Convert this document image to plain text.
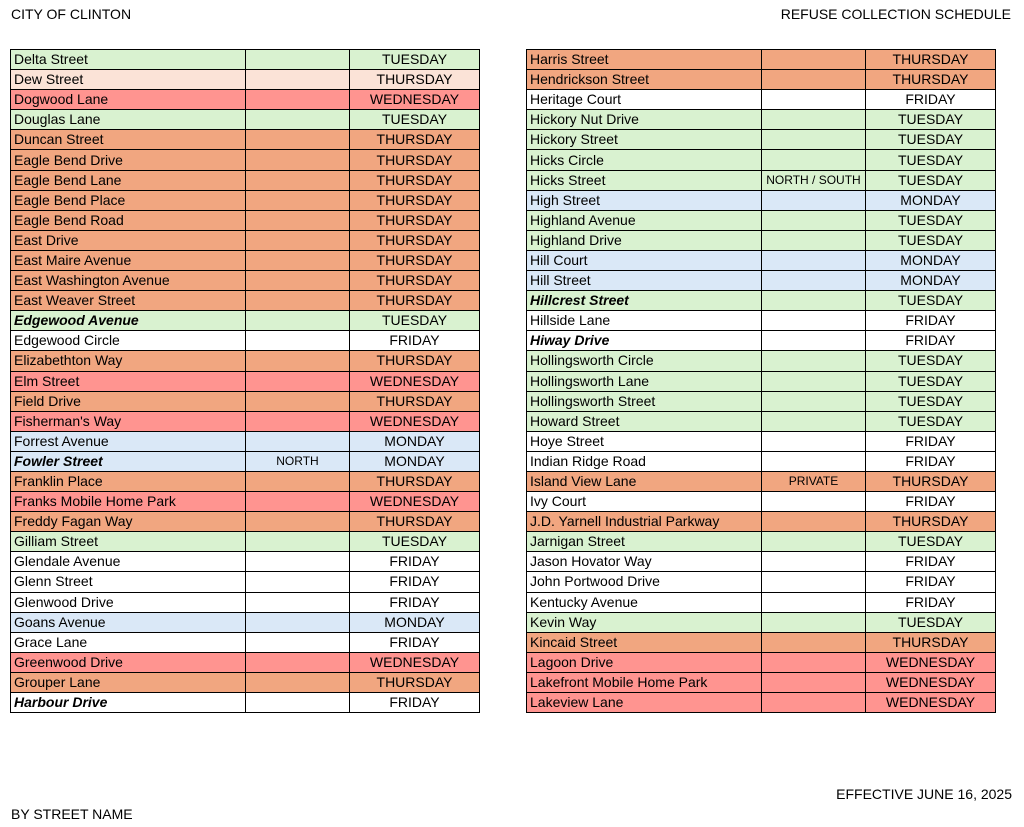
CITY OF CLINTON	REFUSE COLLECTION SCHEDULE
Delta Street		TUESDAY
Dew Street		THURSDAY
Dogwood Lane		WEDNESDAY
Douglas Lane		TUESDAY
Duncan Street		THURSDAY
Eagle Bend Drive		THURSDAY
Eagle Bend Lane		THURSDAY
Eagle Bend Place		THURSDAY
Eagle Bend Road		THURSDAY
East Drive		THURSDAY
East Maire Avenue		THURSDAY
East Washington Avenue		THURSDAY
East Weaver Street		THURSDAY
Edgewood Avenue		TUESDAY
Edgewood Circle		FRIDAY
Elizabethton Way		THURSDAY
Elm Street		WEDNESDAY
Field Drive		THURSDAY
Fisherman's Way		WEDNESDAY
Forrest Avenue		MONDAY
Fowler Street	NORTH	MONDAY
Franklin Place		THURSDAY
Franks Mobile Home Park		WEDNESDAY
Freddy Fagan Way		THURSDAY
Gilliam Street		TUESDAY
Glendale Avenue		FRIDAY
Glenn Street		FRIDAY
Glenwood Drive		FRIDAY
Goans Avenue		MONDAY
Grace Lane		FRIDAY
Greenwood Drive		WEDNESDAY
Grouper Lane		THURSDAY
Harbour Drive		FRIDAY
Harris Street		THURSDAY
Hendrickson Street		THURSDAY
Heritage Court		FRIDAY
Hickory Nut Drive		TUESDAY
Hickory Street		TUESDAY
Hicks Circle		TUESDAY
Hicks Street	NORTH / SOUTH	TUESDAY
High Street		MONDAY
Highland Avenue		TUESDAY
Highland Drive		TUESDAY
Hill Court		MONDAY
Hill Street		MONDAY
Hillcrest Street		TUESDAY
Hillside Lane		FRIDAY
Hiway Drive		FRIDAY
Hollingsworth Circle		TUESDAY
Hollingsworth Lane		TUESDAY
Hollingsworth Street		TUESDAY
Howard Street		TUESDAY
Hoye Street		FRIDAY
Indian Ridge Road		FRIDAY
Island View Lane	PRIVATE	THURSDAY
Ivy Court		FRIDAY
J.D. Yarnell Industrial Parkway		THURSDAY
Jarnigan Street		TUESDAY
Jason Hovator Way		FRIDAY
John Portwood Drive		FRIDAY
Kentucky Avenue		FRIDAY
Kevin Way		TUESDAY
Kincaid Street		THURSDAY
Lagoon Drive		WEDNESDAY
Lakefront Mobile Home Park		WEDNESDAY
Lakeview Lane		WEDNESDAY
EFFECTIVE JUNE 16, 2025
BY STREET NAME
